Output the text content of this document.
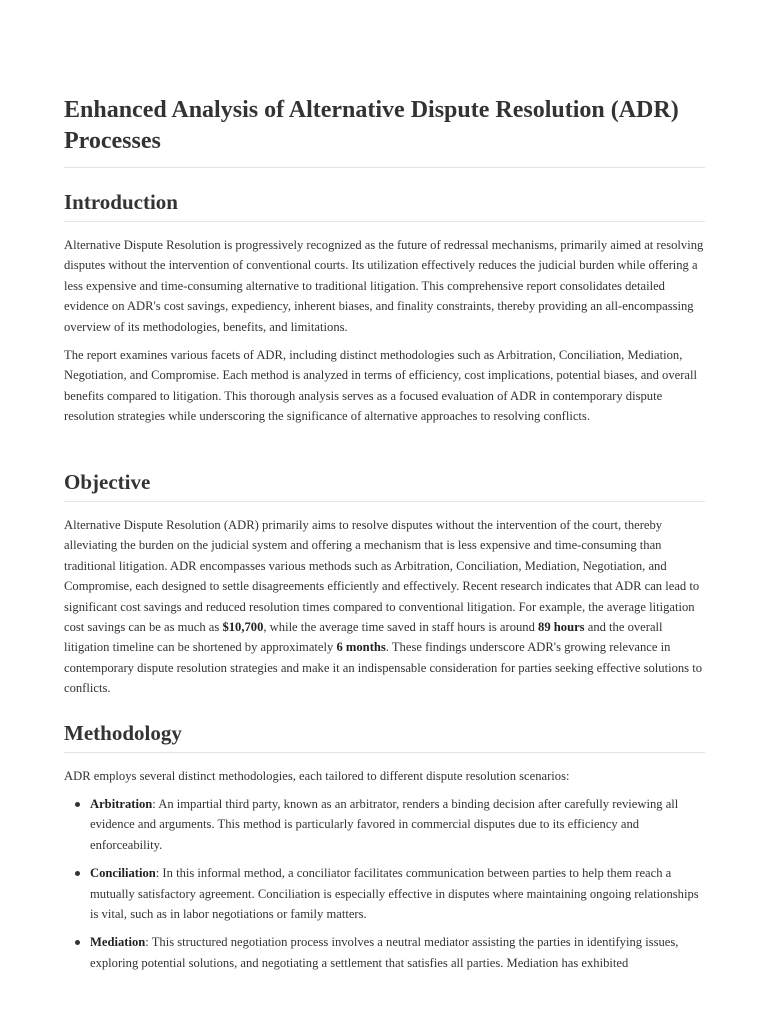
Enhanced Analysis of Alternative Dispute Resolution (ADR) Processes
Introduction

Alternative Dispute Resolution is progressively recognized as the future of redressal mechanisms, primarily aimed at resolving disputes without the intervention of conventional courts. Its utilization effectively reduces the judicial burden while offering a less expensive and time-consuming alternative to traditional litigation. This comprehensive report consolidates detailed evidence on ADR's cost savings, expediency, inherent biases, and finality constraints, thereby providing an all-encompassing overview of its methodologies, benefits, and limitations.

The report examines various facets of ADR, including distinct methodologies such as Arbitration, Conciliation, Mediation, Negotiation, and Compromise. Each method is analyzed in terms of efficiency, cost implications, potential biases, and overall benefits compared to litigation. This thorough analysis serves as a focused evaluation of ADR in contemporary dispute resolution strategies while underscoring the significance of alternative approaches to resolving conflicts.

Objective

Alternative Dispute Resolution (ADR) primarily aims to resolve disputes without the intervention of the court, thereby alleviating the burden on the judicial system and offering a mechanism that is less expensive and time-consuming than traditional litigation. ADR encompasses various methods such as Arbitration, Conciliation, Mediation, Negotiation, and Compromise, each designed to settle disagreements efficiently and effectively. Recent research indicates that ADR can lead to significant cost savings and reduced resolution times compared to conventional litigation. For example, the average litigation cost savings can be as much as $10,700, while the average time saved in staff hours is around 89 hours and the overall litigation timeline can be shortened by approximately 6 months. These findings underscore ADR's growing relevance in contemporary dispute resolution strategies and make it an indispensable consideration for parties seeking effective solutions to conflicts.

Methodology

ADR employs several distinct methodologies, each tailored to different dispute resolution scenarios:

Arbitration: An impartial third party, known as an arbitrator, renders a binding decision after carefully reviewing all evidence and arguments. This method is particularly favored in commercial disputes due to its efficiency and enforceability.
Conciliation: In this informal method, a conciliator facilitates communication between parties to help them reach a mutually satisfactory agreement. Conciliation is especially effective in disputes where maintaining ongoing relationships is vital, such as in labor negotiations or family matters.
Mediation: This structured negotiation process involves a neutral mediator assisting the parties in identifying issues, exploring potential solutions, and negotiating a settlement that satisfies all parties. Mediation has exhibited
